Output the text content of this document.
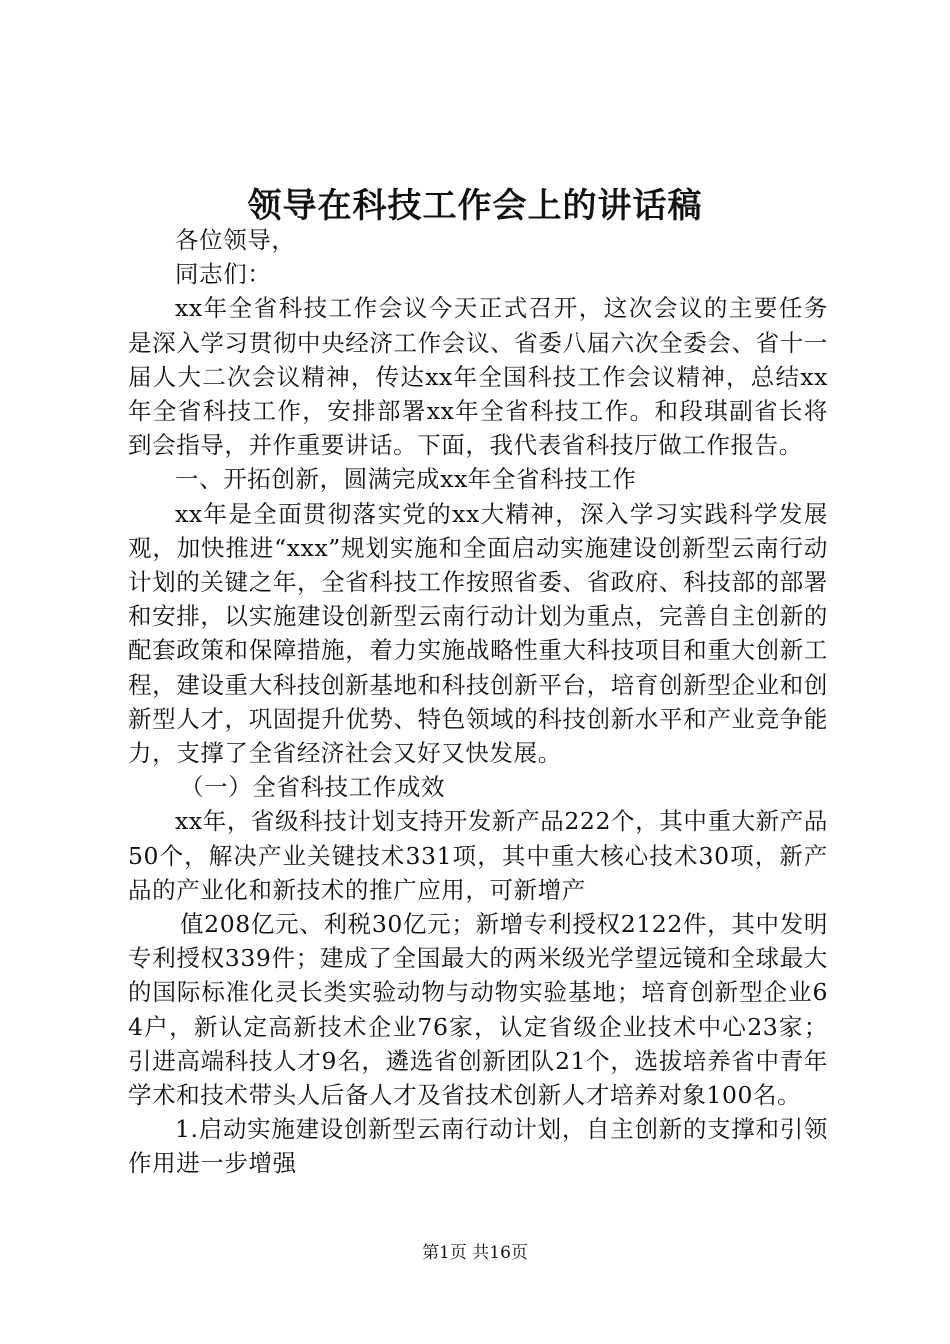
领导在科技工作会上的讲话稿

各位领导，

同志们：

xx年全省科技工作会议今天正式召开，这次会议的主要任务是深入学习贯彻中央经济工作会议、省委八届六次全委会、省十一届人大二次会议精神，传达xx年全国科技工作会议精神，总结xx年全省科技工作，安排部署xx年全省科技工作。和段琪副省长将到会指导，并作重要讲话。下面，我代表省科技厅做工作报告。

一、开拓创新，圆满完成xx年全省科技工作

xx年是全面贯彻落实党的xx大精神，深入学习实践科学发展观，加快推进“xxx”规划实施和全面启动实施建设创新型云南行动计划的关键之年，全省科技工作按照省委、省政府、科技部的部署和安排，以实施建设创新型云南行动计划为重点，完善自主创新的配套政策和保障措施，着力实施战略性重大科技项目和重大创新工程，建设重大科技创新基地和科技创新平台，培育创新型企业和创新型人才，巩固提升优势、特色领域的科技创新水平和产业竞争能力，支撑了全省经济社会又好又快发展。

（一）全省科技工作成效

xx年，省级科技计划支持开发新产品222个，其中重大新产品50个，解决产业关键技术331项，其中重大核心技术30项，新产品的产业化和新技术的推广应用，可新增产

值208亿元、利税30亿元；新增专利授权2122件，其中发明专利授权339件；建成了全国最大的两米级光学望远镜和全球最大的国际标准化灵长类实验动物与动物实验基地；培育创新型企业64户，新认定高新技术企业76家，认定省级企业技术中心23家；引进高端科技人才9名，遴选省创新团队21个，选拔培养省中青年学术和技术带头人后备人才及省技术创新人才培养对象100名。

1.启动实施建设创新型云南行动计划，自主创新的支撑和引领作用进一步增强

第1页 共16页
